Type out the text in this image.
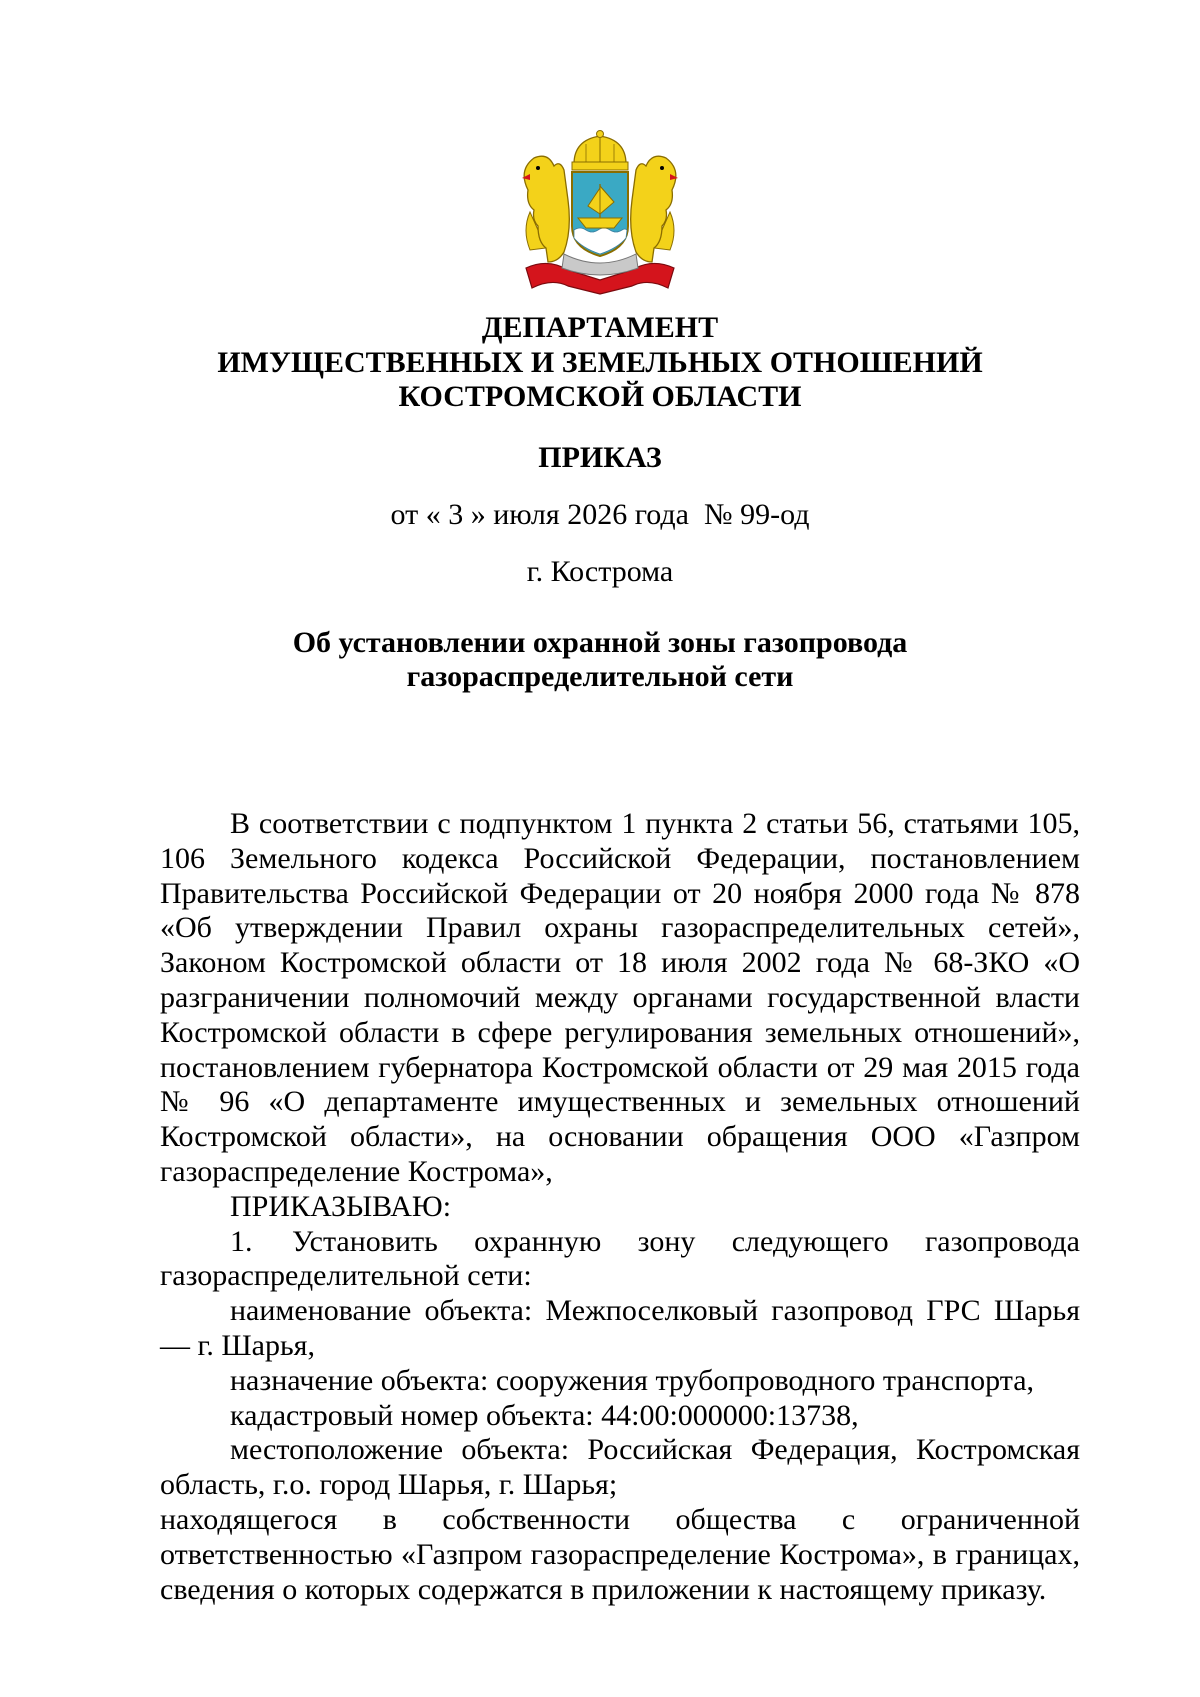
ДЕПАРТАМЕНТ
ИМУЩЕСТВЕННЫХ И ЗЕМЕЛЬНЫХ ОТНОШЕНИЙ
КОСТРОМСКОЙ ОБЛАСТИ
ПРИКАЗ
от « 3 » июля 2026 года  № 99-од
г. Кострома
Об установлении охранной зоны газопровода
газораспределительной сети

В соответствии с подпунктом 1 пункта 2 статьи 56, статьями 105, 106 Земельного кодекса Российской Федерации, постановлением Правительства Российской Федерации от 20 ноября 2000 года № 878 «Об утверждении Правил охраны газораспределительных сетей», Законом Костромской области от 18 июля 2002 года № 68-ЗКО «О разграничении полномочий между органами государственной власти Костромской области в сфере регулирования земельных отношений», постановлением губернатора Костромской области от 29 мая 2015 года № 96 «О департаменте имущественных и земельных отношений Костромской области», на основании обращения ООО «Газпром газораспределение Кострома»,

ПРИКАЗЫВАЮ:

1. Установить охранную зону следующего газопровода газораспределительной сети:

наименование объекта: Межпоселковый газопровод ГРС Шарья — г. Шарья,

назначение объекта: сооружения трубопроводного транспорта,

кадастровый номер объекта: 44:00:000000:13738,

местоположение объекта: Российская Федерация, Костромская область, г.о. город Шарья, г. Шарья;

находящегося в собственности общества с ограниченной ответственностью «Газпром газораспределение Кострома», в границах, сведения о которых содержатся в приложении к настоящему приказу.
